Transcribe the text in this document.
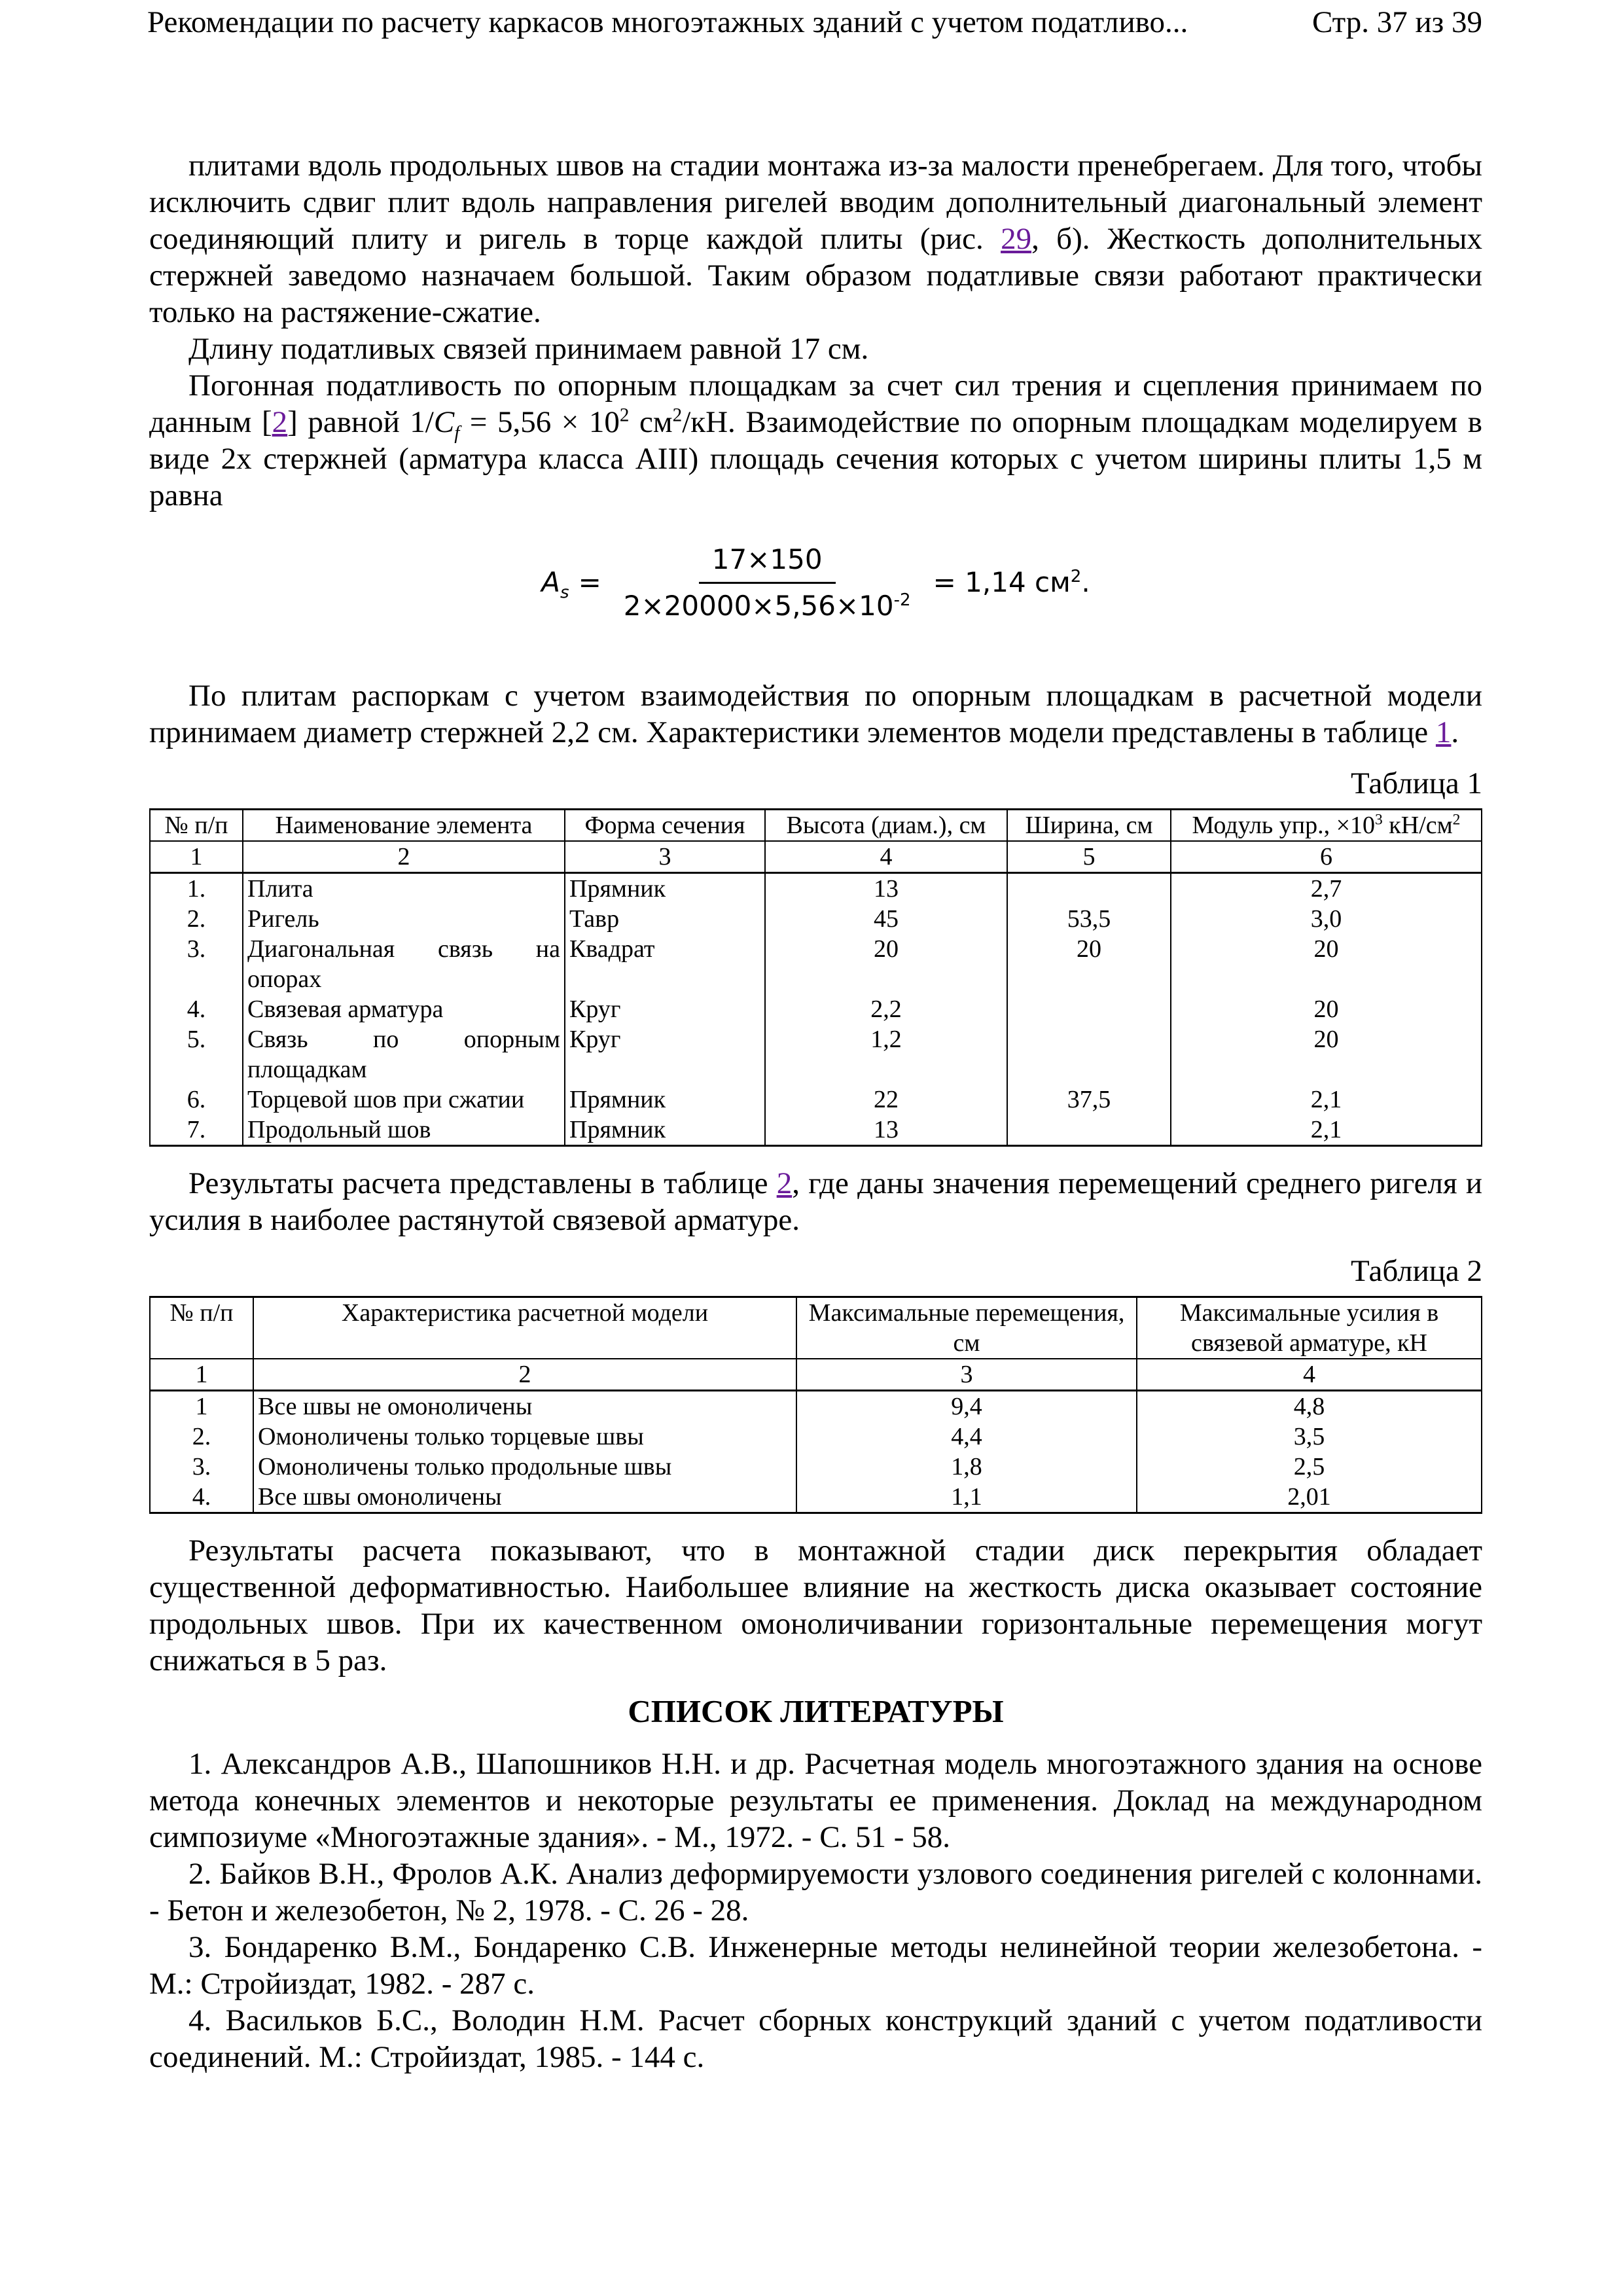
Рекомендации по расчету каркасов многоэтажных зданий с учетом податливо...	Стр. 37 из 39

плитами вдоль продольных швов на стадии монтажа из-за малости пренебрегаем. Для того, чтобы исключить сдвиг плит вдоль направления ригелей вводим дополнительный диагональный элемент соединяющий плиту и ригель в торце каждой плиты (рис. 29, б). Жесткость дополнительных стержней заведомо назначаем большой. Таким образом податливые связи работают практически только на растяжение-сжатие.

Длину податливых связей принимаем равной 17 см.

Погонная податливость по опорным площадкам за счет сил трения и сцепления принимаем по данным [2] равной $1/C_f = 5,56 \times 10^2$ $см^2/кН$. Взаимодействие по опорным площадкам моделируем в виде 2х стержней (арматура класса АIII) площадь сечения которых с учетом ширины плиты 1,5 м равна

$A_s = \frac{17\times 150}{2\times 20000\times 5,56\times 10^{-2}} = 1,14$ $см^2$.

По плитам распоркам с учетом взаимодействия по опорным площадкам в расчетной модели принимаем диаметр стержней 2,2 см. Характеристики элементов модели представлены в таблице 1.

Таблица 1
№ п/п	Наименование элемента	Форма сечения	Высота (диам.), см	Ширина, см	Модуль упр., $\times 10^3$ $кН/см^2$
1	2	3	4	5	6
1.	Плита	Прямник	13		2,7
2.	Ригель	Тавр	45	53,5	3,0
3.	Диагональная связь на опорах	Квадрат	20	20	20
4.	Связевая арматура	Круг	2,2		20
5.	Связь по опорным площадкам	Круг	1,2		20
6.	Торцевой шов при сжатии	Прямник	22	37,5	2,1
7.	Продольный шов	Прямник	13		2,1

Результаты расчета представлены в таблице 2, где даны значения перемещений среднего ригеля и усилия в наиболее растянутой связевой арматуре.

Таблица 2
№ п/п	Характеристика расчетной модели	Максимальные перемещения, см	Максимальные усилия в связевой арматуре, кН
1	2	3	4
1	Все швы не омоноличены	9,4	4,8
2.	Омоноличены только торцевые швы	4,4	3,5
3.	Омоноличены только продольные швы	1,8	2,5
4.	Все швы омоноличены	1,1	2,01

Результаты расчета показывают, что в монтажной стадии диск перекрытия обладает существенной деформативностью. Наибольшее влияние на жесткость диска оказывает состояние продольных швов. При их качественном омоноличивании горизонтальные перемещения могут снижаться в 5 раз.

СПИСОК ЛИТЕРАТУРЫ

1. Александров А.В., Шапошников Н.Н. и др. Расчетная модель многоэтажного здания на основе метода конечных элементов и некоторые результаты ее применения. Доклад на международном симпозиуме «Многоэтажные здания». - М., 1972. - С. 51 - 58.

2. Байков В.Н., Фролов А.К. Анализ деформируемости узлового соединения ригелей с колоннами. - Бетон и железобетон, № 2, 1978. - С. 26 - 28.

3. Бондаренко В.М., Бондаренко С.В. Инженерные методы нелинейной теории железобетона. - М.: Стройиздат, 1982. - 287 с.

4. Васильков Б.С., Володин Н.М. Расчет сборных конструкций зданий с учетом податливости соединений. М.: Стройиздат, 1985. - 144 с.
